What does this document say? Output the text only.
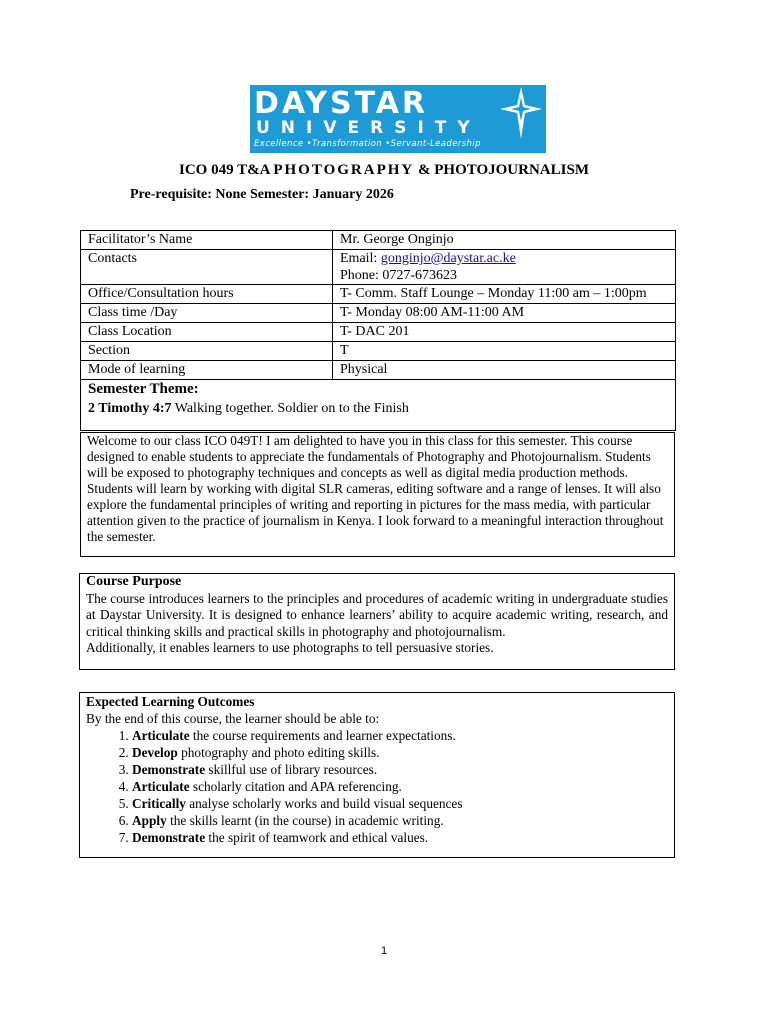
DAYSTAR
UNIVERSITY
Excellence •Transformation •Servant-Leadership
ICO 049 T&A PHOTOGRAPHY & PHOTOJOURNALISM
Pre-requisite: None Semester: January 2026
Facilitator’s Name	Mr. George Onginjo
Contacts	Email: gonginjo@daystar.ac.ke
Phone: 0727-673623
Office/Consultation hours	T- Comm. Staff Lounge – Monday 11:00 am – 1:00pm
Class time /Day	T- Monday 08:00 AM-11:00 AM
Class Location	T- DAC 201
Section	T
Mode of learning	Physical
Semester Theme:
2 Timothy 4:7 Walking together. Soldier on to the Finish
Welcome to our class ICO 049T! I am delighted to have you in this class for this semester. This course designed to enable students to appreciate the fundamentals of Photography and Photojournalism. Students will be exposed to photography techniques and concepts as well as digital media production methods. Students will learn by working with digital SLR cameras, editing software and a range of lenses. It will also explore the fundamental principles of writing and reporting in pictures for the mass media, with particular attention given to the practice of journalism in Kenya. I look forward to a meaningful interaction throughout the semester.
Course Purpose

The course introduces learners to the principles and procedures of academic writing in undergraduate studies at Daystar University. It is designed to enhance learners’ ability to acquire academic writing, research, and critical thinking skills and practical skills in photography and photojournalism.

Additionally, it enables learners to use photographs to tell persuasive stories.

Expected Learning Outcomes
By the end of this course, the learner should be able to:
1. Articulate the course requirements and learner expectations.
2. Develop photography and photo editing skills.
3. Demonstrate skillful use of library resources.
4. Articulate scholarly citation and APA referencing.
5. Critically analyse scholarly works and build visual sequences
6. Apply the skills learnt (in the course) in academic writing.
7. Demonstrate the spirit of teamwork and ethical values.
1
